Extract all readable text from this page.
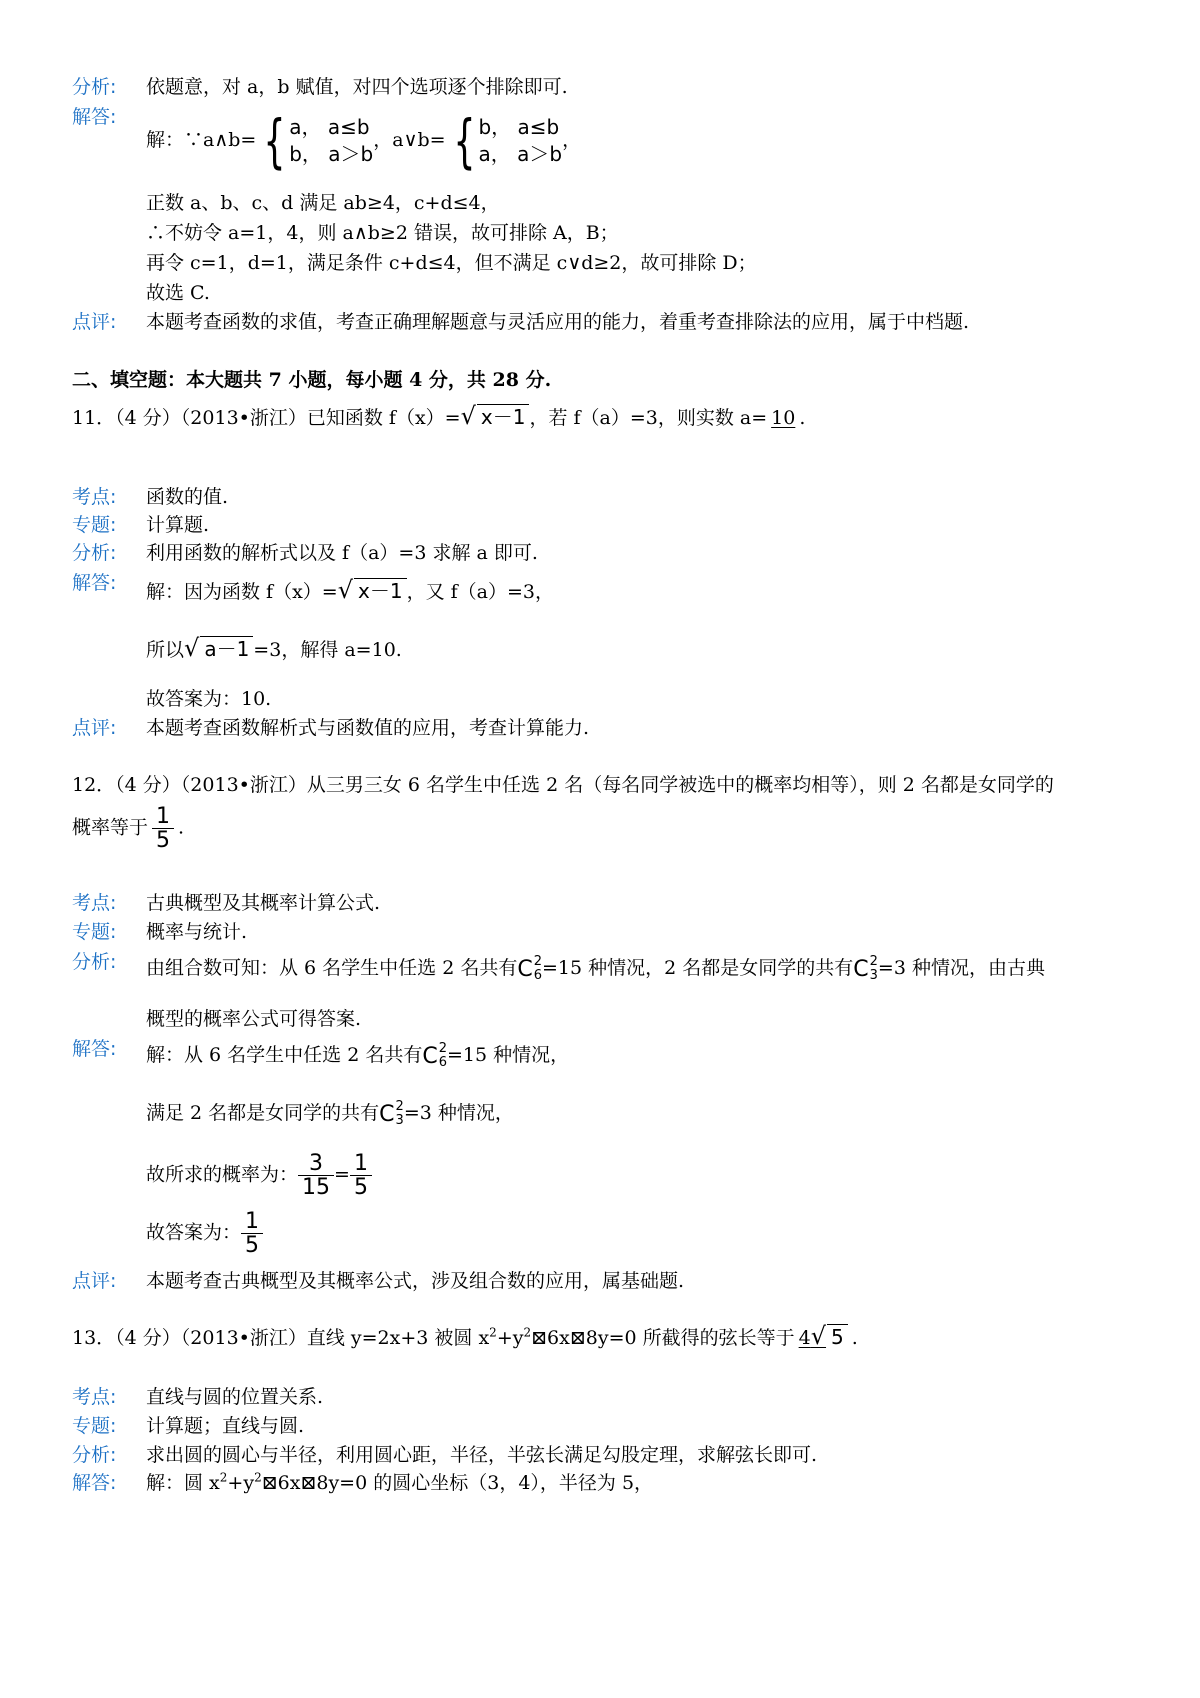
分析: 依题意，对 a，b 赋值，对四个选项逐个排除即可.
解答:
解：∵a∧b= { a， a≤b
b， a＞b
，a∨b= { b， a≤b
a， a＞b
，
正数 a、b、c、d 满足 ab≥4，c+d≤4，
∴不妨令 a=1，4，则 a∧b≥2 错误，故可排除 A，B；
再令 c=1，d=1，满足条件 c+d≤4，但不满足 c∨d≥2，故可排除 D；
故选 C.
点评: 本题考查函数的求值，考查正确理解题意与灵活应用的能力，着重考查排除法的应用，属于中档题.
二、填空题：本大题共 7 小题，每小题 4 分，共 28 分.
11．（4 分）（2013•浙江）已知函数 f（x）=√ x－1 ，若 f（a）=3，则实数 a= 10 .
考点: 函数的值.
专题: 计算题.
分析: 利用函数的解析式以及 f（a）=3 求解 a 即可.
解答: 解：因为函数 f（x）=√ x－1 ，又 f（a）=3，
所以√ a－1 =3，解得 a=10.
故答案为：10.
点评: 本题考查函数解析式与函数值的应用，考查计算能力.
12．（4 分）（2013•浙江）从三男三女 6 名学生中任选 2 名（每名同学被选中的概率均相等），则 2 名都是女同学的
概率等于 $\frac{1}{5}$ .
考点: 古典概型及其概率计算公式.
专题: 概率与统计.
分析: 由组合数可知：从 6 名学生中任选 2 名共有 C 2
6 =15 种情况，2 名都是女同学的共有 C 2
3 =3 种情况，由古典
概型的概率公式可得答案.
解答: 解：从 6 名学生中任选 2 名共有 C 2
6 =15 种情况，
满足 2 名都是女同学的共有 C 2
3 =3 种情况，
故所求的概率为： $\frac{3}{15} = \frac{1}{5}$
故答案为： $\frac{1}{5}$
点评: 本题考查古典概型及其概率公式，涉及组合数的应用，属基础题.
13．（4 分）（2013•浙江）直线 y=2x+3 被圆 $x^2+y^2⊠6x⊠8y=0$ 所截得的弦长等于 4√ 5 .
考点: 直线与圆的位置关系.
专题: 计算题；直线与圆.
分析: 求出圆的圆心与半径，利用圆心距，半径，半弦长满足勾股定理，求解弦长即可.
解答: 解：圆 $x^2+y^2⊠6x⊠8y=0$ 的圆心坐标（3，4），半径为 5，
